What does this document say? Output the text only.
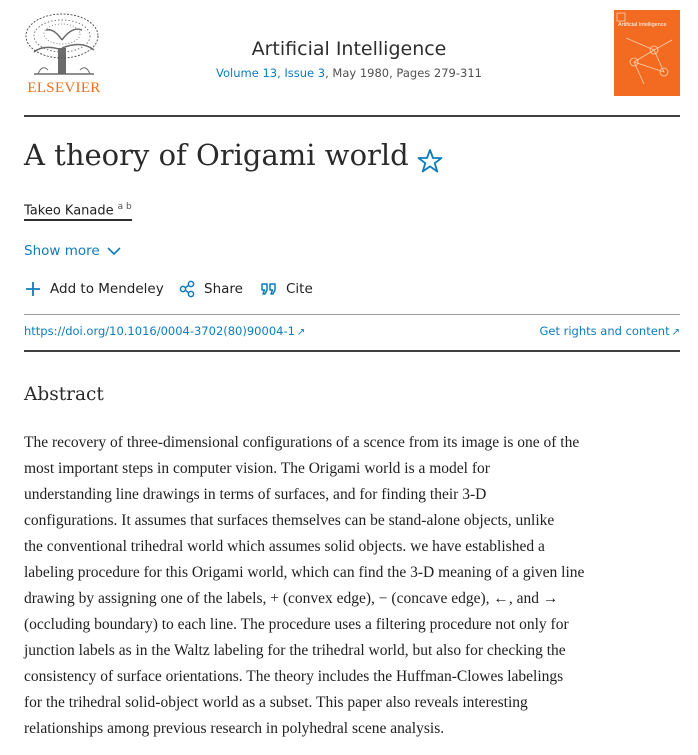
ELSEVIER
Artificial Intelligence
Volume 13, Issue 3, May 1980, Pages 279-311
Artificial Intelligence
A theory of Origami world
Takeo Kanade $^{a b}$
Show more
Add to Mendeley	Share	Cite
https://doi.org/10.1016/0004-3702(80)90004-1 ↗	Get rights and content ↗
Abstract
The recovery of three-dimensional configurations of a scence from its image is one of the
most important steps in computer vision. The Origami world is a model for
understanding line drawings in terms of surfaces, and for finding their 3-D
configurations. It assumes that surfaces themselves can be stand-alone objects, unlike
the conventional trihedral world which assumes solid objects. we have established a
labeling procedure for this Origami world, which can find the 3-D meaning of a given line
drawing by assigning one of the labels, + (convex edge), − (concave edge), ←, and →
(occluding boundary) to each line. The procedure uses a filtering procedure not only for
junction labels as in the Waltz labeling for the trihedral world, but also for checking the
consistency of surface orientations. The theory includes the Huffman-Clowes labelings
for the trihedral solid-object world as a subset. This paper also reveals interesting
relationships among previous research in polyhedral scene analysis.
